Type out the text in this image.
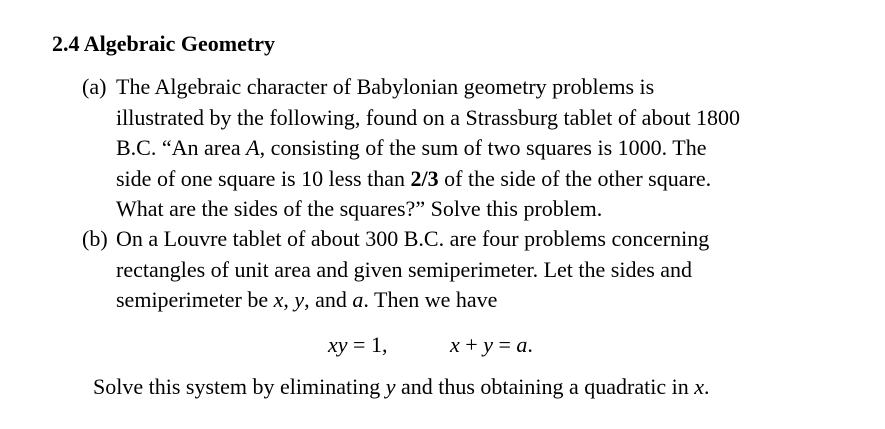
2.4 Algebraic Geometry
(a) The Algebraic character of Babylonian geometry problems is
illustrated by the following, found on a Strassburg tablet of about 1800
B.C. “An area A, consisting of the sum of two squares is 1000. The
side of one square is 10 less than 2/3 of the side of the other square.
What are the sides of the squares?” Solve this problem.
(b) On a Louvre tablet of about 300 B.C. are four problems concerning
rectangles of unit area and given semiperimeter. Let the sides and
semiperimeter be x, y, and a. Then we have
xy = 1,	x + y = a.
Solve this system by eliminating y and thus obtaining a quadratic in x.
